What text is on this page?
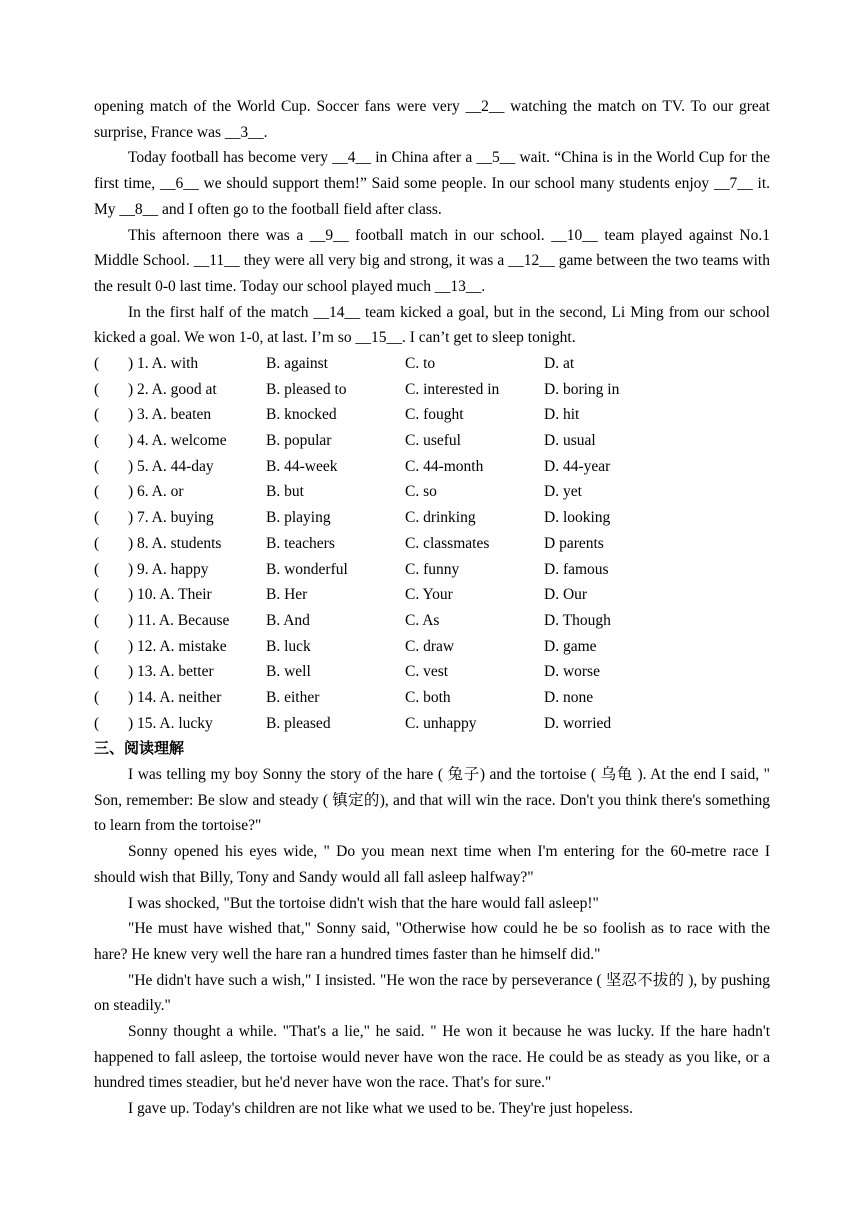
opening match of the World Cup. Soccer fans were very __2__ watching the match on TV. To our great surprise, France was __3__.

Today football has become very __4__ in China after a __5__ wait. “China is in the World Cup for the first time, __6__ we should support them!” Said some people. In our school many students enjoy __7__ it. My __8__ and I often go to the football field after class.

This afternoon there was a __9__ football match in our school. __10__ team played against No.1 Middle School. __11__ they were all very big and strong, it was a __12__ game between the two teams with the result 0-0 last time. Today our school played much __13__.

In the first half of the match __14__ team kicked a goal, but in the second, Li Ming from our school kicked a goal. We won 1-0, at last. I’m so __15__. I can’t get to sleep tonight.

(	) 1. A. with	B. against	C. to	D. at
(	) 2. A. good at	B. pleased to	C. interested in	D. boring in
(	) 3. A. beaten	B. knocked	C. fought	D. hit
(	) 4. A. welcome	B. popular	C. useful	D. usual
(	) 5. A. 44-day	B. 44-week	C. 44-month	D. 44-year
(	) 6. A. or	B. but	C. so	D. yet
(	) 7. A. buying	B. playing	C. drinking	D. looking
(	) 8. A. students	B. teachers	C. classmates	D parents
(	) 9. A. happy	B. wonderful	C. funny	D. famous
(	) 10. A. Their	B. Her	C. Your	D. Our
(	) 11. A. Because	B. And	C. As	D. Though
(	) 12. A. mistake	B. luck	C. draw	D. game
(	) 13. A. better	B. well	C. vest	D. worse
(	) 14. A. neither	B. either	C. both	D. none
(	) 15. A. lucky	B. pleased	C. unhappy	D. worried
三、阅读理解

I was telling my boy Sonny the story of the hare ( 兔子) and the tortoise ( 乌龟 ). At the end I said, " Son, remember: Be slow and steady ( 镇定的), and that will win the race. Don't you think there's something to learn from the tortoise?"

Sonny opened his eyes wide, " Do you mean next time when I'm entering for the 60-metre race I should wish that Billy, Tony and Sandy would all fall asleep halfway?"

I was shocked, "But the tortoise didn't wish that the hare would fall asleep!"

"He must have wished that," Sonny said, "Otherwise how could he be so foolish as to race with the hare? He knew very well the hare ran a hundred times faster than he himself did."

"He didn't have such a wish," I insisted. "He won the race by perseverance ( 坚忍不拔的 ), by pushing on steadily."

Sonny thought a while. "That's a lie," he said. " He won it because he was lucky. If the hare hadn't happened to fall asleep, the tortoise would never have won the race. He could be as steady as you like, or a hundred times steadier, but he'd never have won the race. That's for sure."

I gave up. Today's children are not like what we used to be. They're just hopeless.
